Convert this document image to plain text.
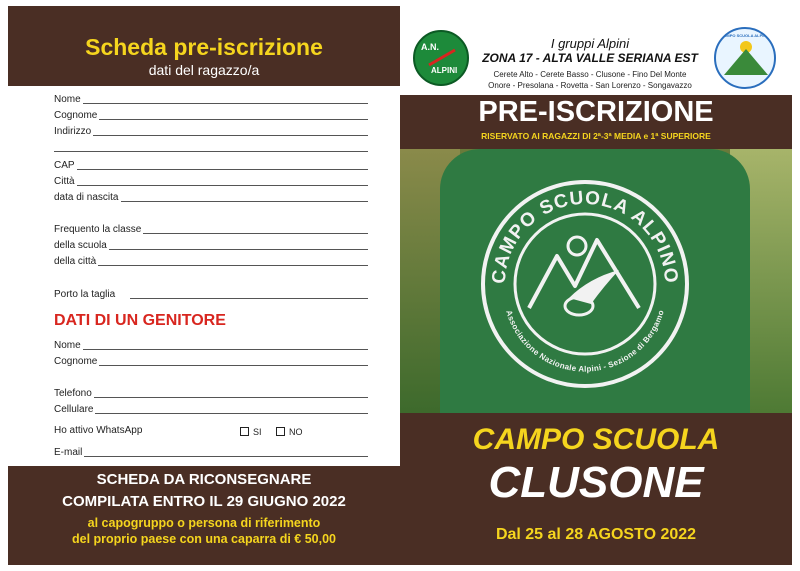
Scheda pre-iscrizione
dati del ragazzo/a
Nome
Cognome
Indirizzo
CAP
Città
data di nascita
Frequento la classe
della scuola
della città
Porto la taglia
DATI DI UN GENITORE
Nome
Cognome
Telefono
Cellulare
Ho attivo WhatsApp	SI	NO
E-mail
SCHEDA DA RICONSEGNARE
COMPILATA ENTRO IL 29 GIUGNO 2022
al capogruppo o persona di riferimento
del proprio paese con una caparra di € 50,00
A.N.
ALPINI
I gruppi Alpini
ZONA 17 - ALTA VALLE SERIANA EST
Cerete Alto - Cerete Basso - Clusone - Fino Del Monte
Onore - Presolana - Rovetta - San Lorenzo - Songavazzo
CAMPO SCUOLA ALPINO
PRE-ISCRIZIONE
RISERVATO AI RAGAZZI DI 2ª-3ª MEDIA e 1ª SUPERIORE
CAMPO SCUOLA ALPINO
Associazione Nazionale Alpini - Sezione di Bergamo
CAMPO SCUOLA
CLUSONE
Dal 25 al 28 AGOSTO 2022
